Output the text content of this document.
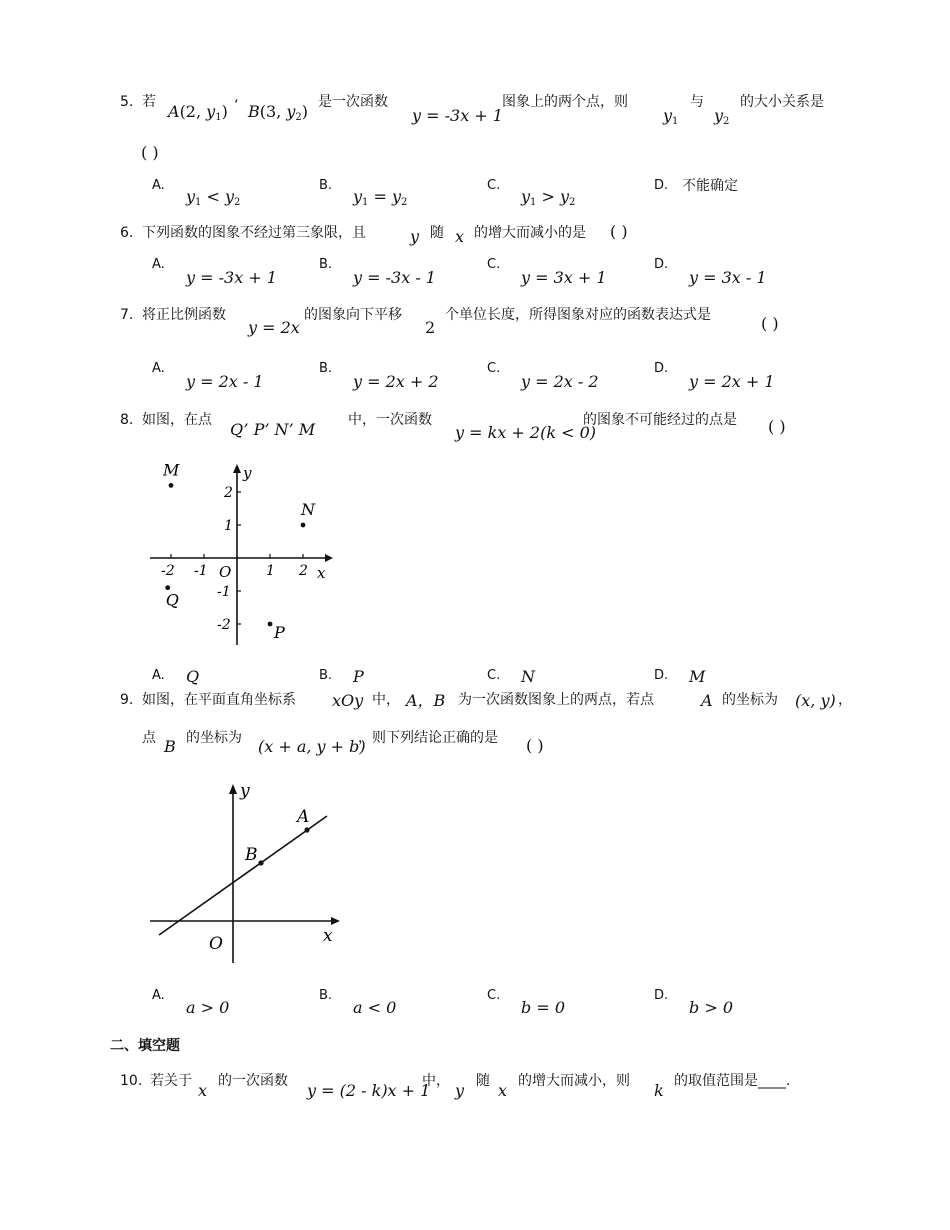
5. 若 A(2, $y_1$) ’ B(3, $y_2$) 是一次函数
y = -3x + 1
图象上的两个点，则
$y_1$
与
$y_2$
的大小关系是
( )
A.
$y_1 < y_2$
B.
$y_1 = y_2$
C.
$y_1 > y_2$
D. 不能确定
6. 下列函数的图象不经过第三象限，且	y 随 x 的增大而减小的是 ( )
A.
y = -3x + 1
B.
y = -3x - 1
C.
y = 3x + 1
D.
y = 3x - 1
7. 将正比例函数
y = 2x
的图象向下平移
2
个单位长度，所得图象对应的函数表达式是	( )
A.
y = 2x - 1
B.
y = 2x + 2
C.
y = 2x - 2
D.
y = 2x + 1
8. 如图，在点 Q’ P’ N’ M 中，一次函数
y = kx + 2(k < 0)
的图象不可能经过的点是 ( )
-2 -1	1 2
2
1
-1
-2
x
y
O
M
N
Q
P
A. Q	B. P	C. N	D. M
9. 如图，在平面直角坐标系 xOy 中， A，B 为一次函数图象上的两点，若点	A 的坐标为 (x, y) ，
点 B 的坐标为 (x + a, y + b)
，则下列结论正确的是 ( )
A
B
x
y
O
A.
a > 0
B.
a < 0
C.
b = 0
D.
b > 0
二、填空题
10. 若关于 x 的一次函数 y = (2 - k)x + 1
中， y 随 x 的增大而减小，则 k 的取值范围是____.
